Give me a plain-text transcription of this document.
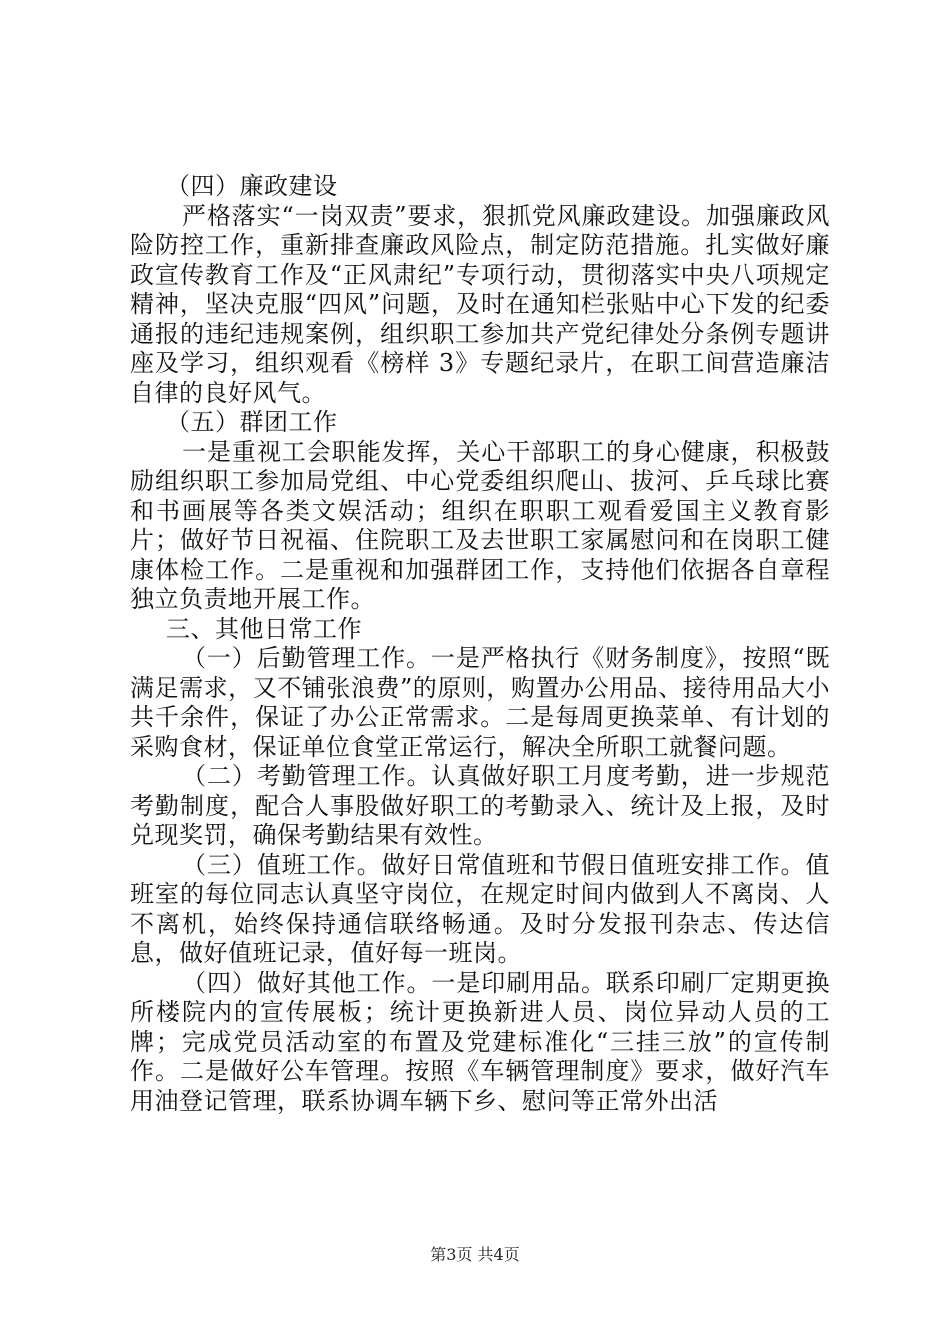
（四）廉政建设

严格落实“一岗双责”要求，狠抓党风廉政建设。加强廉政风险防控工作，重新排查廉政风险点，制定防范措施。扎实做好廉政宣传教育工作及“正风肃纪”专项行动，贯彻落实中央八项规定精神，坚决克服“四风”问题，及时在通知栏张贴中心下发的纪委通报的违纪违规案例，组织职工参加共产党纪律处分条例专题讲座及学习，组织观看《榜样 3》专题纪录片，在职工间营造廉洁自律的良好风气。

（五）群团工作

一是重视工会职能发挥，关心干部职工的身心健康，积极鼓励组织职工参加局党组、中心党委组织爬山、拔河、乒乓球比赛和书画展等各类文娱活动；组织在职职工观看爱国主义教育影片；做好节日祝福、住院职工及去世职工家属慰问和在岗职工健康体检工作。二是重视和加强群团工作，支持他们依据各自章程独立负责地开展工作。

三、其他日常工作

（一）后勤管理工作。一是严格执行《财务制度》，按照“既满足需求，又不铺张浪费”的原则，购置办公用品、接待用品大小共千余件，保证了办公正常需求。二是每周更换菜单、有计划的采购食材，保证单位食堂正常运行，解决全所职工就餐问题。

（二）考勤管理工作。认真做好职工月度考勤，进一步规范考勤制度，配合人事股做好职工的考勤录入、统计及上报，及时兑现奖罚，确保考勤结果有效性。

（三）值班工作。做好日常值班和节假日值班安排工作。值班室的每位同志认真坚守岗位，在规定时间内做到人不离岗、人不离机，始终保持通信联络畅通。及时分发报刊杂志、传达信息，做好值班记录，值好每一班岗。

（四）做好其他工作。一是印刷用品。联系印刷厂定期更换所楼院内的宣传展板；统计更换新进人员、岗位异动人员的工牌；完成党员活动室的布置及党建标准化“三挂三放”的宣传制作。二是做好公车管理。按照《车辆管理制度》要求，做好汽车用油登记管理，联系协调车辆下乡、慰问等正常外出活

第3页 共4页
